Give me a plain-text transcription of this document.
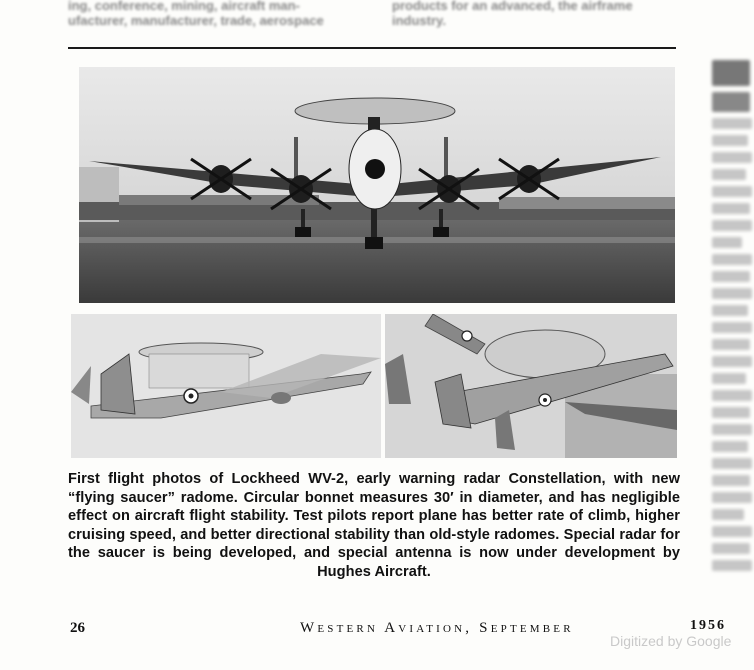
ing, conference, mining, aircraft man-
ufacturer, manufacturer, trade, aerospace
products for an advanced, the airframe
industry.
First flight photos of Lockheed WV-2, early warning radar Constellation, with new “flying saucer” radome. Circular bonnet measures 30′ in diameter, and has negligible effect on aircraft flight stability. Test pilots report plane has better rate of climb, higher cruising speed, and better directional stability than old-style radomes. Special radar for the saucer is being developed, and special antenna is now under development by Hughes Aircraft.
26	Western Aviation, September	1956
Digitized by Google
